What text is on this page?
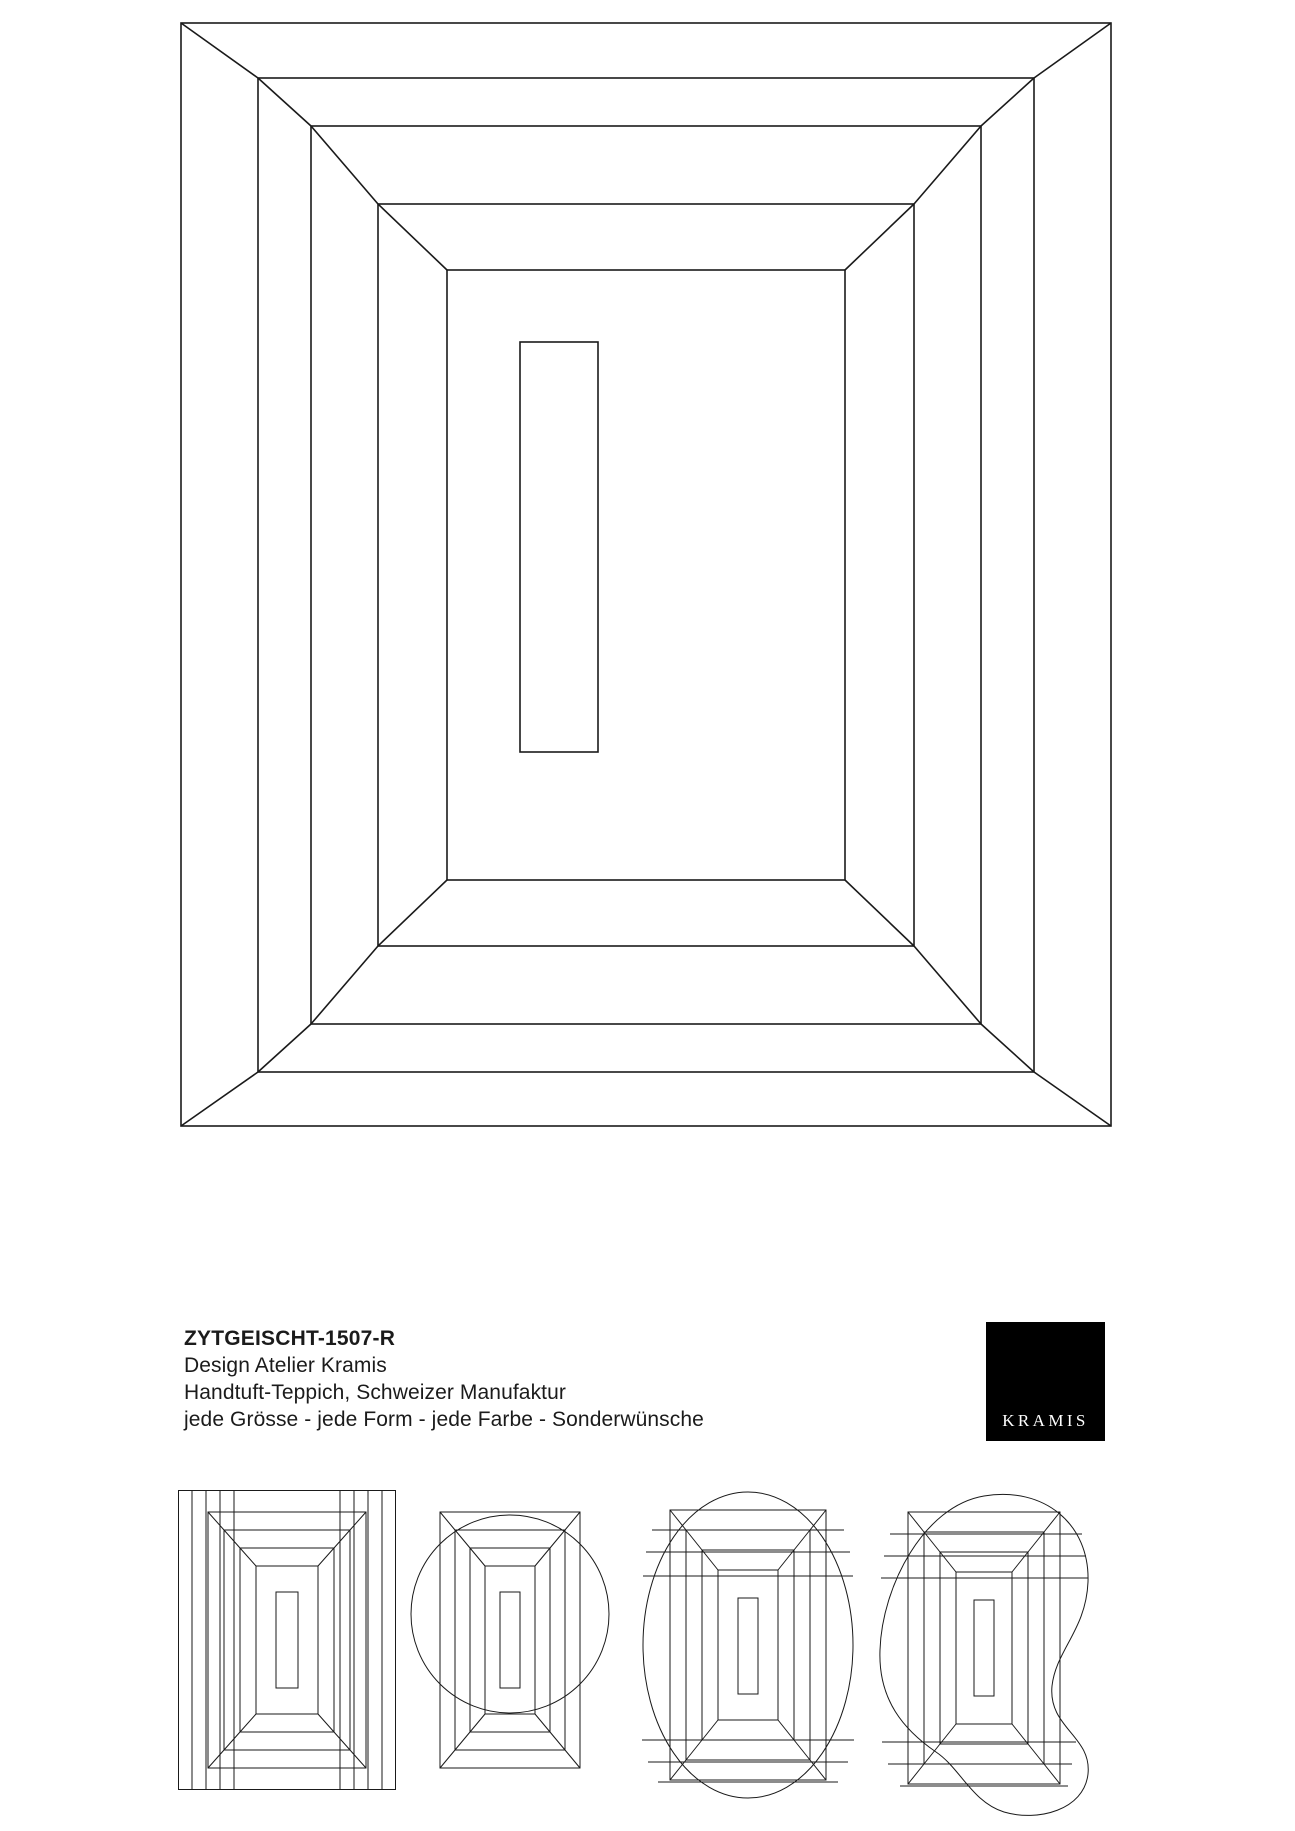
ZYTGEISCHT-1507-R
Design Atelier Kramis
Handtuft-Teppich, Schweizer Manufaktur
jede Grösse - jede Form - jede Farbe - Sonderwünsche	KRAMIS
